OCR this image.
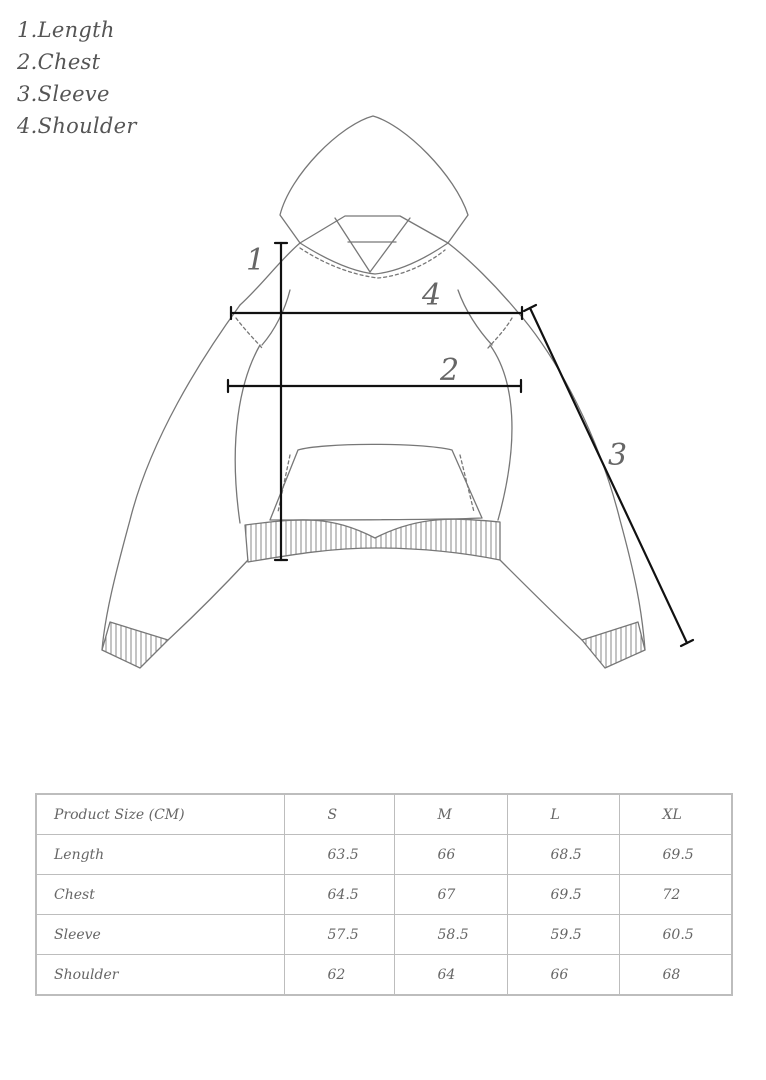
1.Length
2.Chest
3.Sleeve
4.Shoulder
1
4
2
3
Product Size (CM)	S	M	L	XL
Length	63.5	66	68.5	69.5
Chest	64.5	67	69.5	72
Sleeve	57.5	58.5	59.5	60.5
Shoulder	62	64	66	68
